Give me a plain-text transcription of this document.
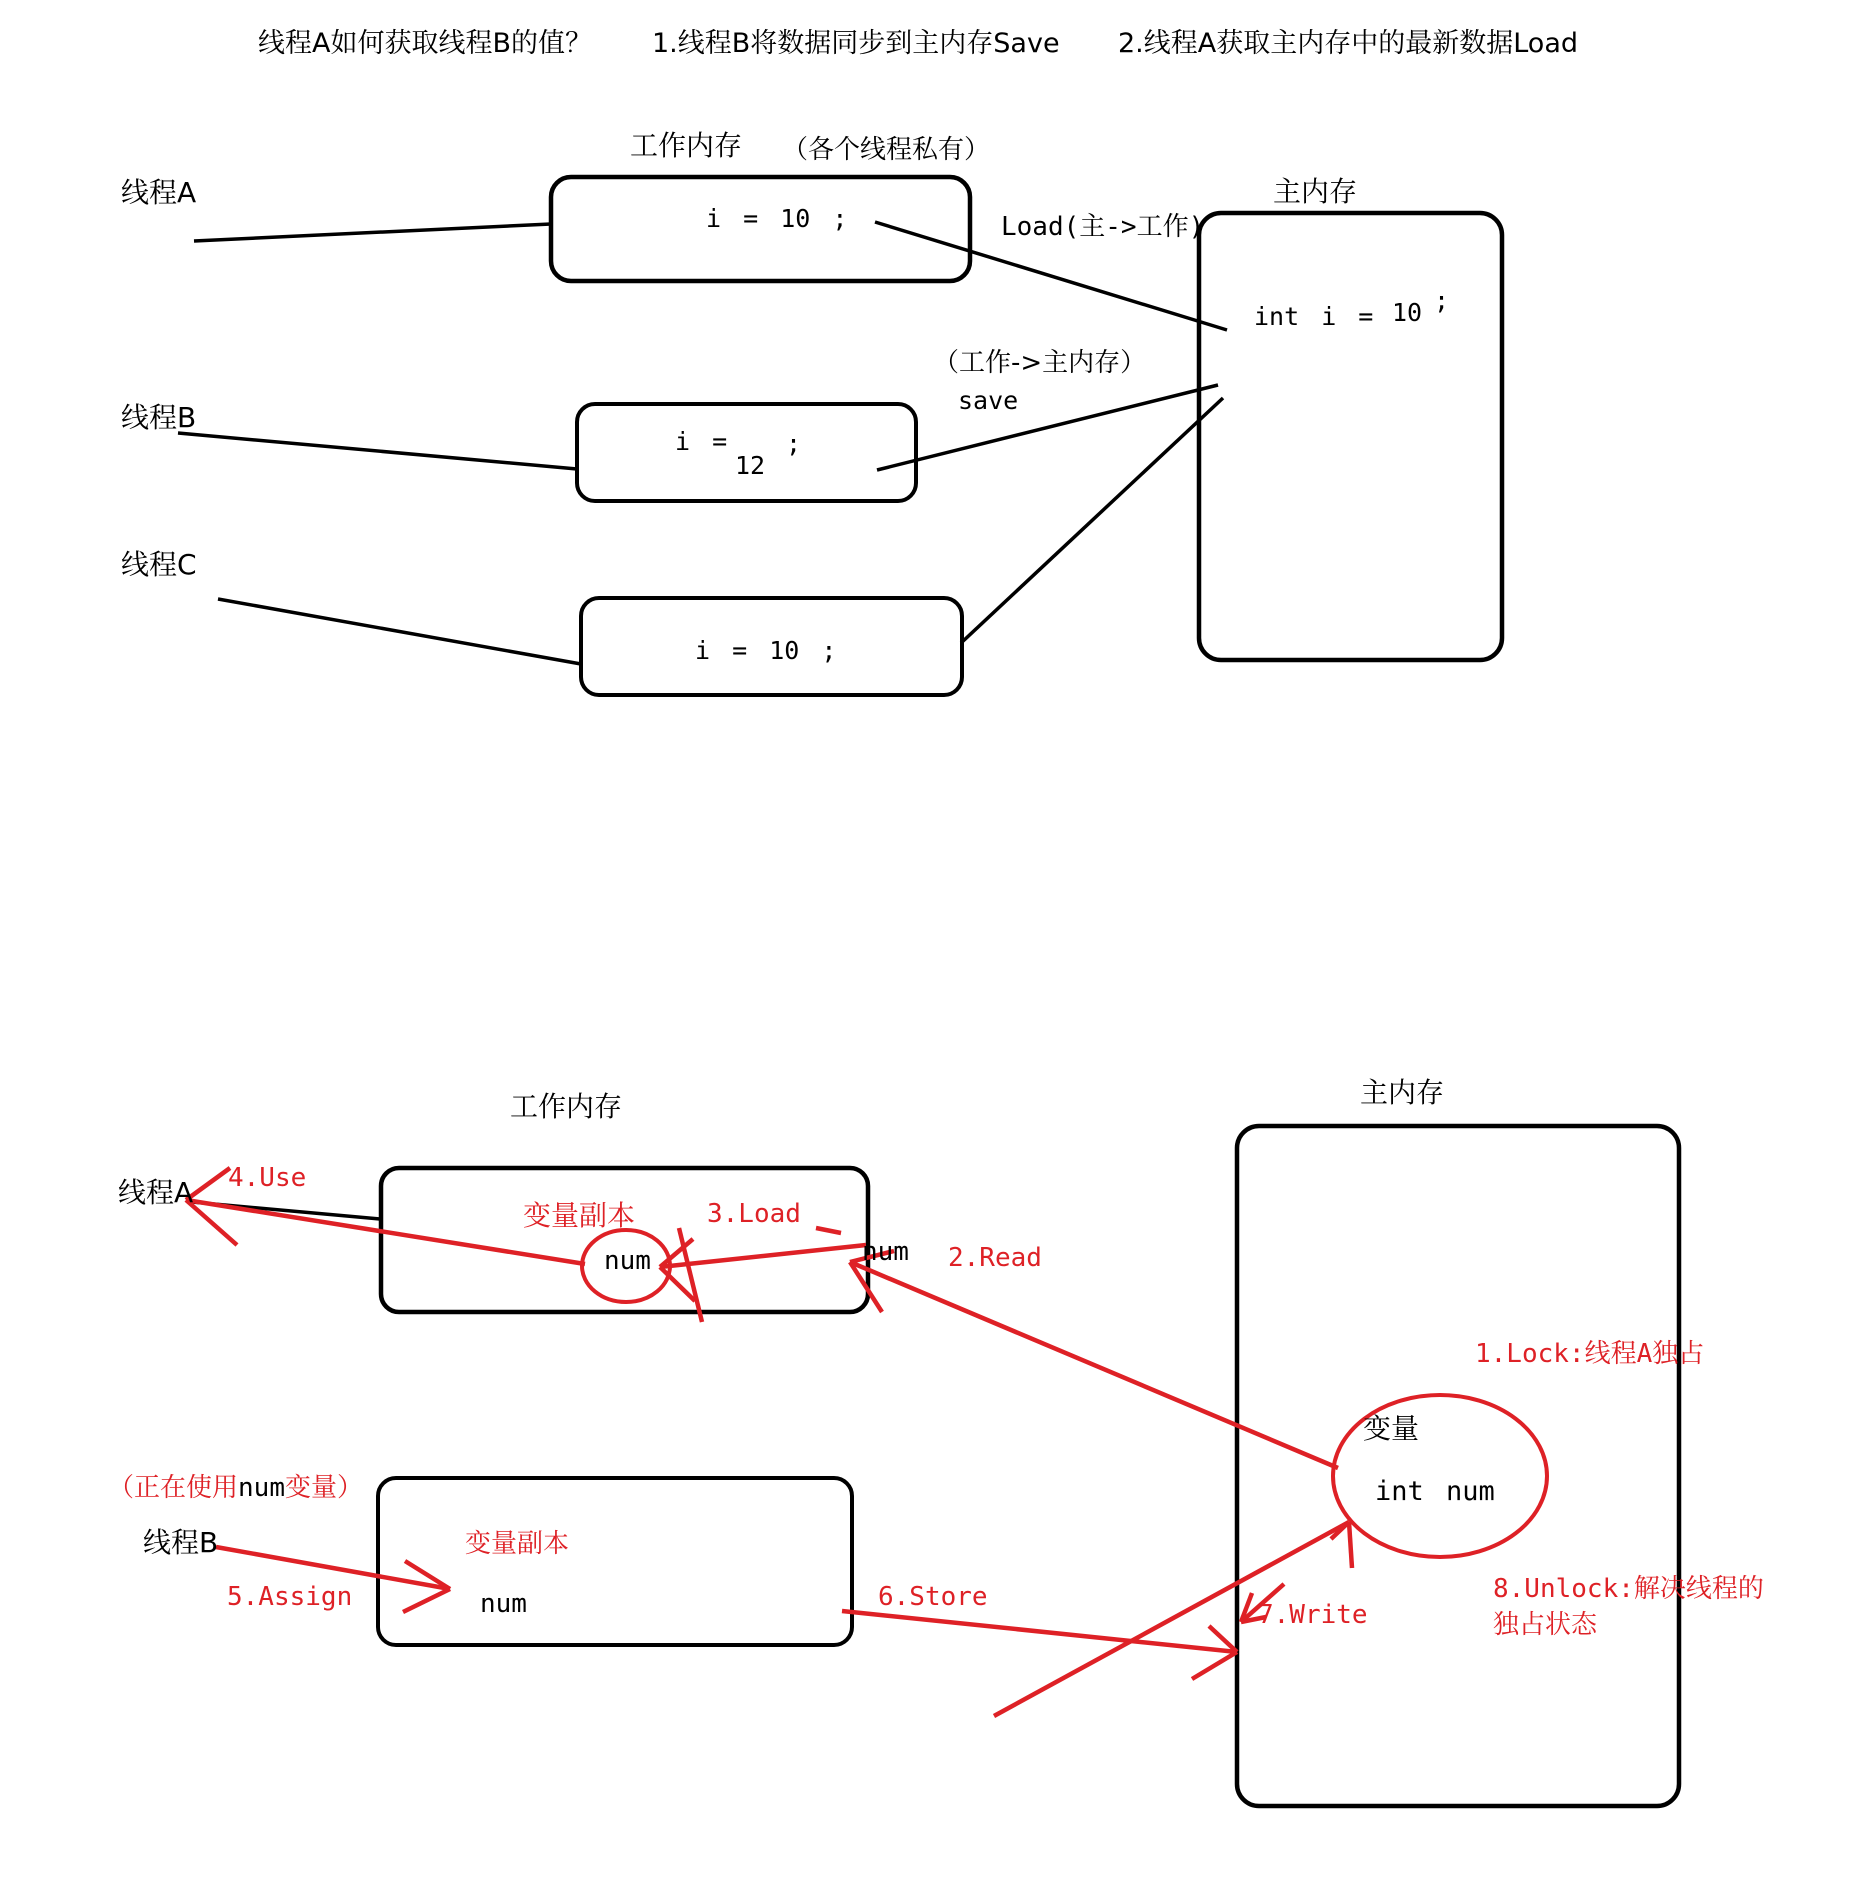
线程A如何获取线程B的值？ 1.线程B将数据同步到主内存Save 2.线程A获取主内存中的最新数据Load
工作内存 （各个线程私有）
主内存
线程A
线程B
线程C
i = 10 ;
i =
12
;
i = 10 ;
int i = 10 ;
Load(主->工作)
（工作->主内存）
save
工作内存	主内存
线程A 4.Use
变量副本	3.Load
num	num 2.Read
（正在使用num变量）
线程B
5.Assign
变量副本
num	6.Store
7.Write
1.Lock:线程A独占
8.Unlock:解决线程的
独占状态
变量
int num
